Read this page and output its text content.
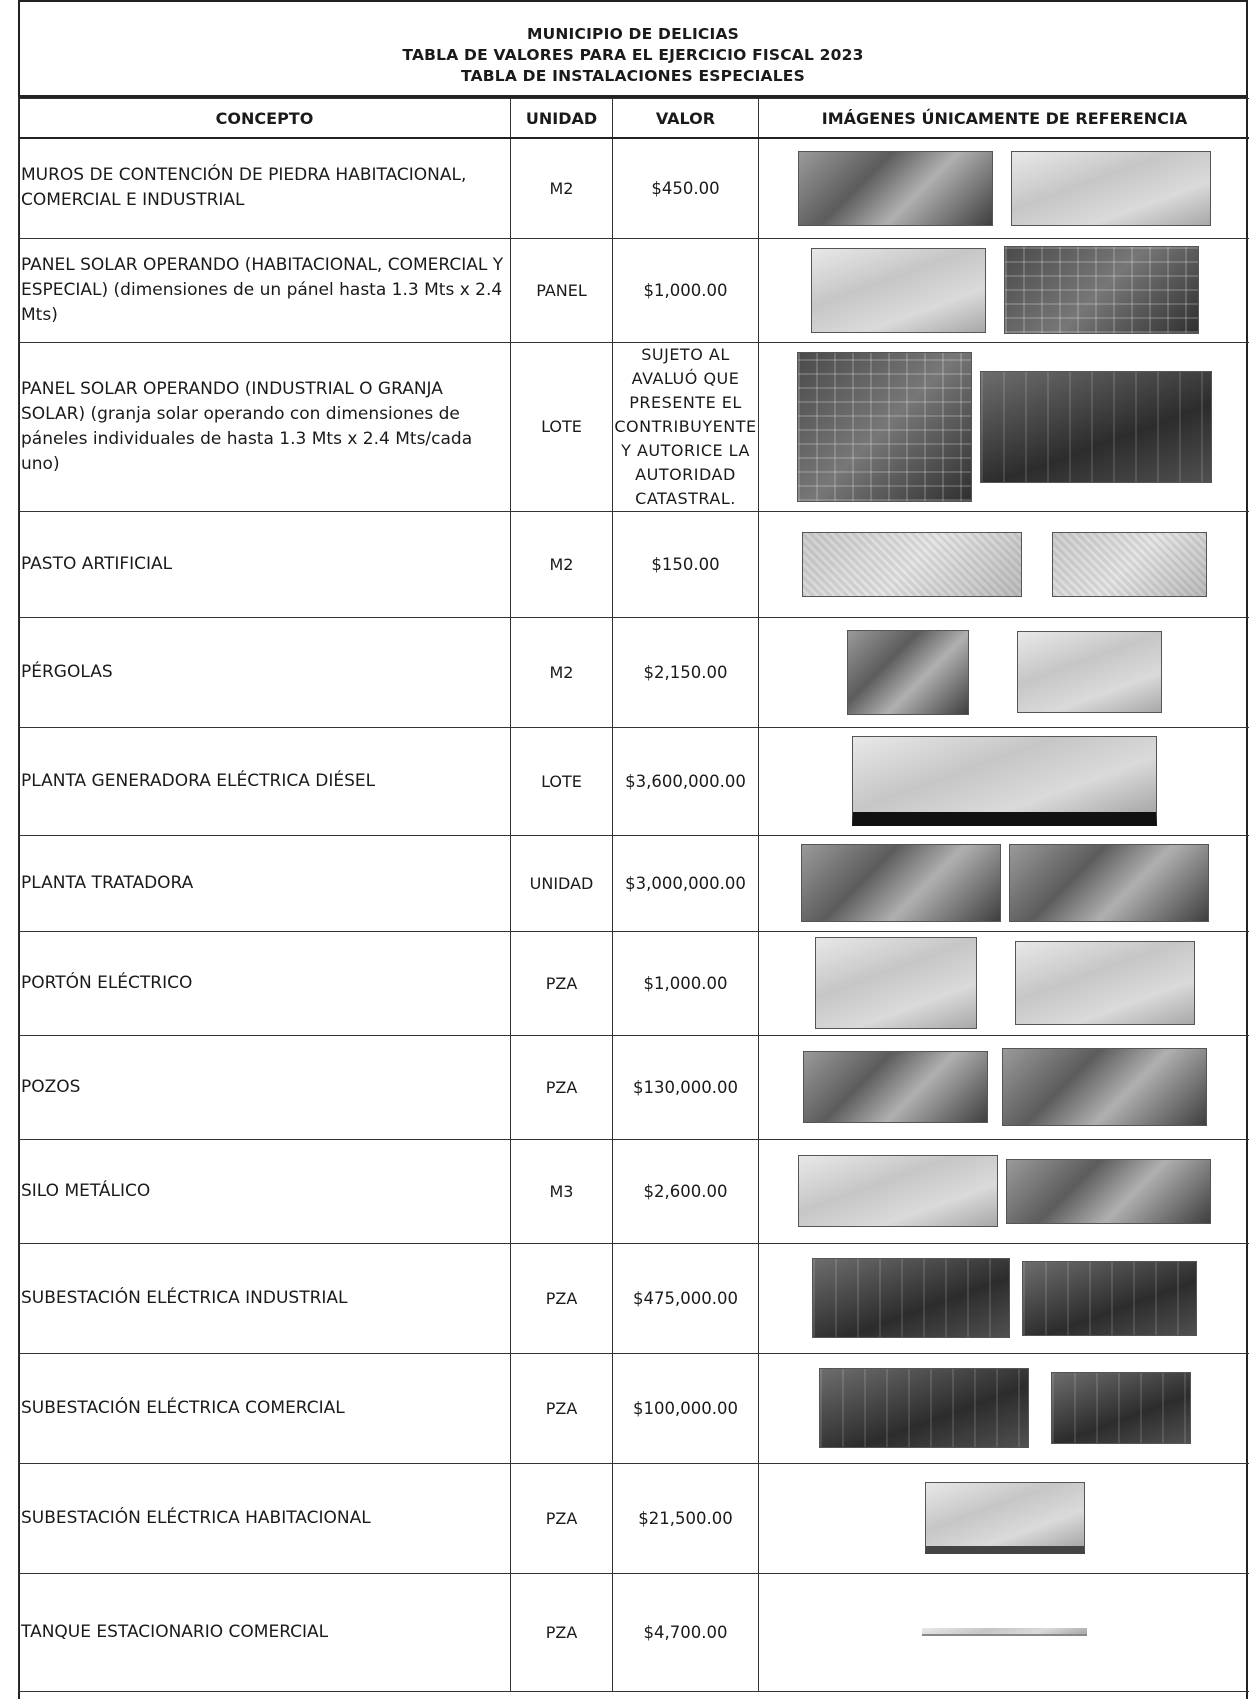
MUNICIPIO DE DELICIAS
TABLA DE VALORES PARA EL EJERCICIO FISCAL 2023
TABLA DE INSTALACIONES ESPECIALES
CONCEPTO	UNIDAD	VALOR	IMÁGENES ÚNICAMENTE DE REFERENCIA
MUROS DE CONTENCIÓN DE PIEDRA HABITACIONAL, COMERCIAL E INDUSTRIAL	M2	$450.00	

PANEL SOLAR OPERANDO (HABITACIONAL, COMERCIAL Y ESPECIAL) (dimensiones de un pánel hasta 1.3 Mts x 2.4 Mts)	PANEL	$1,000.00	

PANEL SOLAR OPERANDO (INDUSTRIAL O GRANJA SOLAR) (granja solar operando con dimensiones de páneles individuales de hasta 1.3 Mts x 2.4 Mts/cada uno)	LOTE	SUJETO AL AVALUÓ QUE PRESENTE EL CONTRIBUYENTE Y AUTORICE LA AUTORIDAD CATASTRAL.	

PASTO ARTIFICIAL	M2	$150.00	

PÉRGOLAS	M2	$2,150.00	

PLANTA GENERADORA ELÉCTRICA DIÉSEL	LOTE	$3,600,000.00	

PLANTA TRATADORA	UNIDAD	$3,000,000.00	

PORTÓN ELÉCTRICO	PZA	$1,000.00	

POZOS	PZA	$130,000.00	

SILO METÁLICO	M3	$2,600.00	

SUBESTACIÓN ELÉCTRICA INDUSTRIAL	PZA	$475,000.00	

SUBESTACIÓN ELÉCTRICA COMERCIAL	PZA	$100,000.00	

SUBESTACIÓN ELÉCTRICA HABITACIONAL	PZA	$21,500.00	

TANQUE ESTACIONARIO COMERCIAL	PZA	$4,700.00	
